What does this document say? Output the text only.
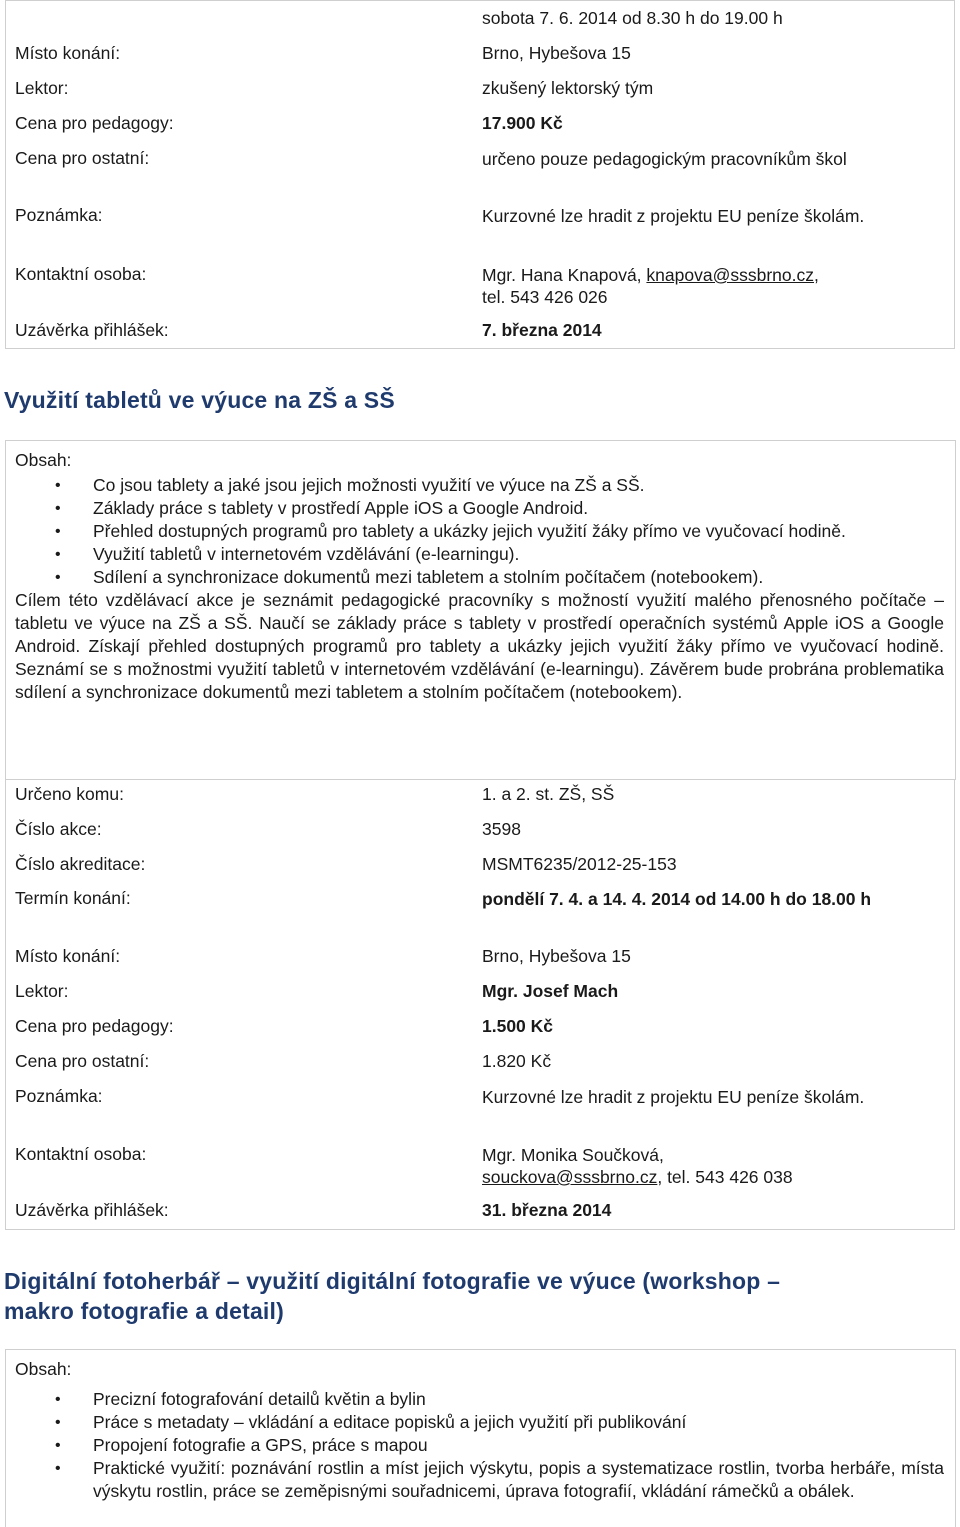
sobota 7. 6. 2014 od 8.30 h do 19.00 h
Místo konání:	Brno, Hybešova 15
Lektor:	zkušený lektorský tým
Cena pro pedagogy:	17.900 Kč
Cena pro ostatní:	určeno pouze pedagogickým pracovníkům škol
Poznámka:	Kurzovné lze hradit z projektu EU peníze školám.
Kontaktní osoba:	Mgr. Hana Knapová, knapova@sssbrno.cz,
tel. 543 426 026
Uzávěrka přihlášek:	7. března 2014
Využití tabletů ve výuce na ZŠ a SŠ
Obsah:
• Co jsou tablety a jaké jsou jejich možnosti využití ve výuce na ZŠ a SŠ.
• Základy práce s tablety v prostředí Apple iOS a Google Android.
• Přehled dostupných programů pro tablety a ukázky jejich využití žáky přímo ve vyučovací hodině.
• Využití tabletů v internetovém vzdělávání (e-learningu).
• Sdílení a synchronizace dokumentů mezi tabletem a stolním počítačem (notebookem).
Cílem této vzdělávací akce je seznámit pedagogické pracovníky s možností využití malého přenosného počítače – tabletu ve výuce na ZŠ a SŠ. Naučí se základy práce s tablety v prostředí operačních systémů Apple iOS a Google Android. Získají přehled dostupných programů pro tablety a ukázky jejich využití žáky přímo ve vyučovací hodině. Seznámí se s možnostmi využití tabletů v internetovém vzdělávání (e-learningu). Závěrem bude probrána problematika sdílení a synchronizace dokumentů mezi tabletem a stolním počítačem (notebookem).
Určeno komu:	1. a 2. st. ZŠ, SŠ
Číslo akce:	3598
Číslo akreditace:	MSMT6235/2012-25-153
Termín konání:	pondělí 7. 4. a 14. 4. 2014 od 14.00 h do 18.00 h
Místo konání:	Brno, Hybešova 15
Lektor:	Mgr. Josef Mach
Cena pro pedagogy:	1.500 Kč
Cena pro ostatní:	1.820 Kč
Poznámka:	Kurzovné lze hradit z projektu EU peníze školám.
Kontaktní osoba:	Mgr. Monika Součková,
souckova@sssbrno.cz, tel. 543 426 038
Uzávěrka přihlášek:	31. března 2014
Digitální fotoherbář – využití digitální fotografie ve výuce (workshop – makro fotografie a detail)
Obsah:
• Precizní fotografování detailů květin a bylin
• Práce s metadaty – vkládání a editace popisků a jejich využití při publikování
• Propojení fotografie a GPS, práce s mapou
• Praktické využití: poznávání rostlin a míst jejich výskytu, popis a systematizace rostlin, tvorba herbáře, místa výskytu rostlin, práce se zeměpisnými souřadnicemi, úprava fotografií, vkládání rámečků a obálek.
